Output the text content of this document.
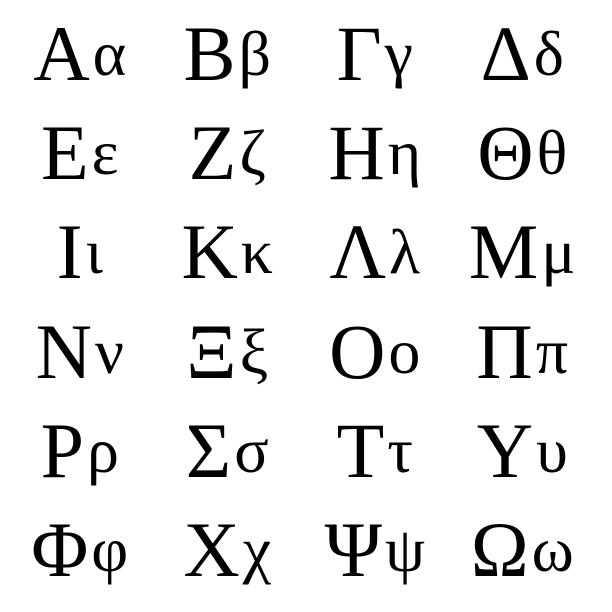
Α α Β β Γ γ Δ δ
Ε ε Ζ ζ Η η Θ θ
Ι ι Κ κ Λ λ Μ μ
Ν ν Ξ ξ Ο ο Π π
Ρ ρ Σ σ Τ τ Υ υ
Φ φ Χ χ Ψ ψ Ω ω
